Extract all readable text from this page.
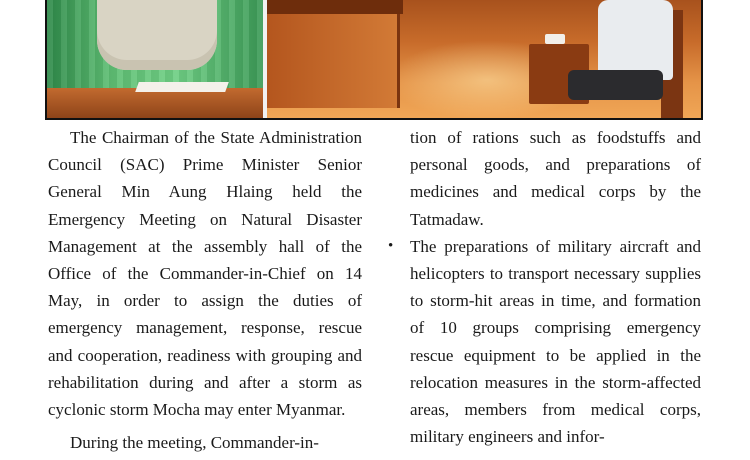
The Chairman of the State Administration Council (SAC) Prime Minister Senior General Min Aung Hlaing held the Emergency Meeting on Natural Disaster Management at the assembly hall of the Office of the Commander-in-Chief on 14 May, in order to assign the duties of emergency management, response, rescue and cooperation, readiness with grouping and rehabilitation during and after a storm as cyclonic storm Mocha may enter Myanmar.

During the meeting, Commander-in-

tion of rations such as foodstuffs and personal goods, and preparations of medicines and medical corps by the Tatmadaw.

• The preparations of military aircraft and helicopters to transport necessary supplies to storm-hit areas in time, and formation of 10 groups comprising emergency rescue equipment to be applied in the relocation measures in the storm-affected areas, members from medical corps, military engineers and infor-
